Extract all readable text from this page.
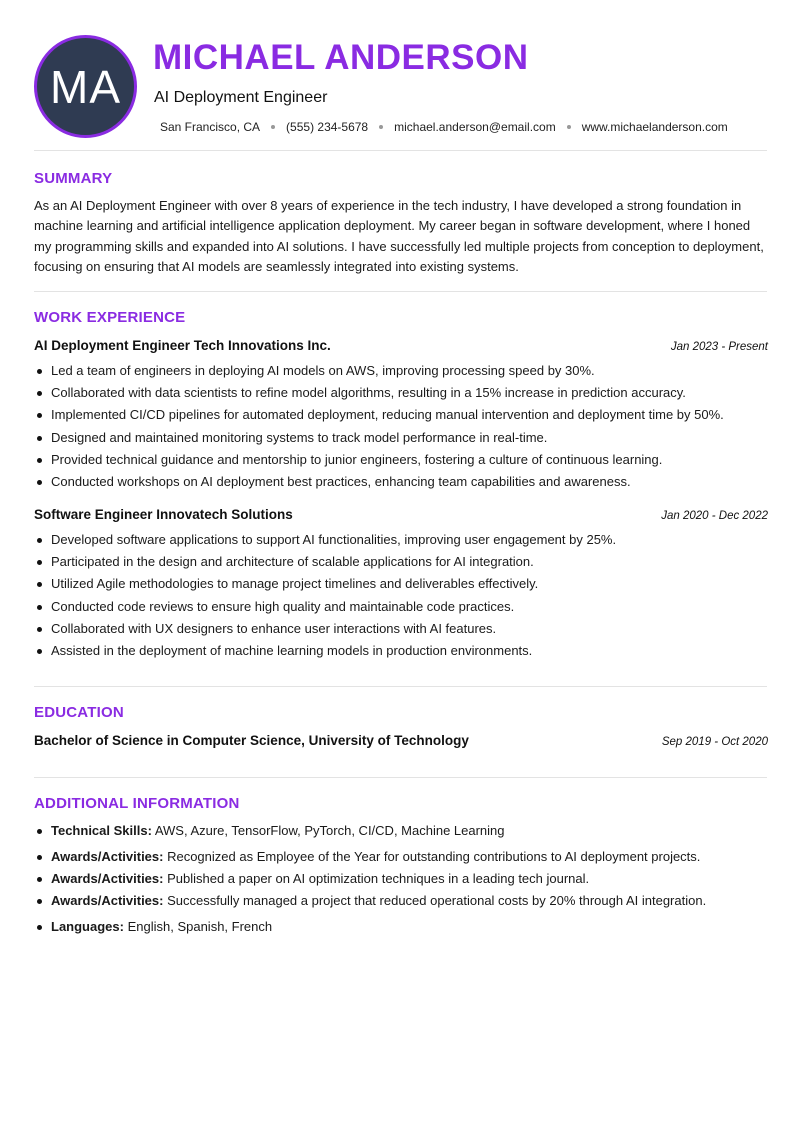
MA
MICHAEL ANDERSON
AI Deployment Engineer
San Francisco, CA (555) 234-5678 michael.anderson@email.com www.michaelanderson.com
SUMMARY
As an AI Deployment Engineer with over 8 years of experience in the tech industry, I have developed a strong foundation in machine learning and artificial intelligence application deployment. My career began in software development, where I honed my programming skills and expanded into AI solutions. I have successfully led multiple projects from conception to deployment, focusing on ensuring that AI models are seamlessly integrated into existing systems.
WORK EXPERIENCE
AI Deployment Engineer Tech Innovations Inc.	Jan 2023 - Present
Led a team of engineers in deploying AI models on AWS, improving processing speed by 30%.
Collaborated with data scientists to refine model algorithms, resulting in a 15% increase in prediction accuracy.
Implemented CI/CD pipelines for automated deployment, reducing manual intervention and deployment time by 50%.
Designed and maintained monitoring systems to track model performance in real-time.
Provided technical guidance and mentorship to junior engineers, fostering a culture of continuous learning.
Conducted workshops on AI deployment best practices, enhancing team capabilities and awareness.
Software Engineer Innovatech Solutions	Jan 2020 - Dec 2022
Developed software applications to support AI functionalities, improving user engagement by 25%.
Participated in the design and architecture of scalable applications for AI integration.
Utilized Agile methodologies to manage project timelines and deliverables effectively.
Conducted code reviews to ensure high quality and maintainable code practices.
Collaborated with UX designers to enhance user interactions with AI features.
Assisted in the deployment of machine learning models in production environments.
EDUCATION
Bachelor of Science in Computer Science, University of Technology	Sep 2019 - Oct 2020
ADDITIONAL INFORMATION
Technical Skills: AWS, Azure, TensorFlow, PyTorch, CI/CD, Machine Learning
Awards/Activities: Recognized as Employee of the Year for outstanding contributions to AI deployment projects.
Awards/Activities: Published a paper on AI optimization techniques in a leading tech journal.
Awards/Activities: Successfully managed a project that reduced operational costs by 20% through AI integration.
Languages: English, Spanish, French
